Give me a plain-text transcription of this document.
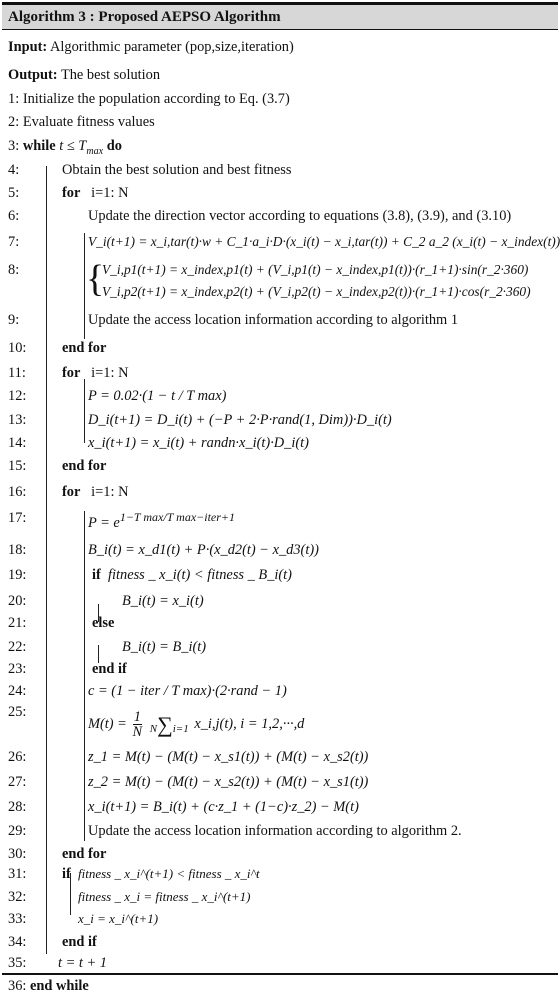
Algorithm 3 : Proposed AEPSO Algorithm
Input: Algorithmic parameter (pop,size,iteration)
Output: The best solution
1: Initialize the population according to Eq. (3.7)
2: Evaluate fitness values
3: while $t \le T_{max}$ do
4:	Obtain the best solution and best fitness
5:	for i=1: N
6:	Update the direction vector according to equations (3.8), (3.9), and (3.10)
7:	V_i(t+1) = x_i,tar(t)·w + C_1·a_i·D·(x_i(t) − x_i,tar(t)) + C_2 a_2 (x_i(t) − x_index(t))
8: {
V_i,p1(t+1) = x_index,p1(t) + (V_i,p1(t) − x_index,p1(t))·(r_1+1)·sin(r_2·360)
V_i,p2(t+1) = x_index,p2(t) + (V_i,p2(t) − x_index,p2(t))·(r_1+1)·cos(r_2·360)
9:	Update the access location information according to algorithm 1
10: end for
11:	for i=1: N
12:	P = 0.02·(1 − t / T max)
13:	D_i(t+1) = D_i(t) + (−P + 2·P·rand(1, Dim))·D_i(t)
14:	x_i(t+1) = x_i(t) + randn·x_i(t)·D_i(t)
15: end for
16: for i=1: N
17:	$P = e^{1-T max/T max-iter+1}$
18:	B_i(t) = x_d1(t) + P·(x_d2(t) − x_d3(t))
19:	if fitness _ x_i(t) < fitness _ B_i(t)
20:	B_i(t) = x_i(t)
21:	else
22:	B_i(t) = B_i(t)
23:	end if
24:	c = (1 − iter / T max)·(2·rand − 1)
25:
$M(t) = \frac{1}{N} N\sum i=1$ x_i,j(t), i = 1,2,···,d
26:	z_1 = M(t) − (M(t) − x_s1(t)) + (M(t) − x_s2(t))
27:	z_2 = M(t) − (M(t) − x_s2(t)) + (M(t) − x_s1(t))
28:	x_i(t+1) = B_i(t) + (c·z_1 + (1−c)·z_2) − M(t)
29:	Update the access location information according to algorithm 2.
30: end for
31: if fitness _ x_i^(t+1) < fitness _ x_i^t
32:	fitness _ x_i = fitness _ x_i^(t+1)
33:	x_i = x_i^(t+1)
34: end if
35: t = t + 1
36: end while
